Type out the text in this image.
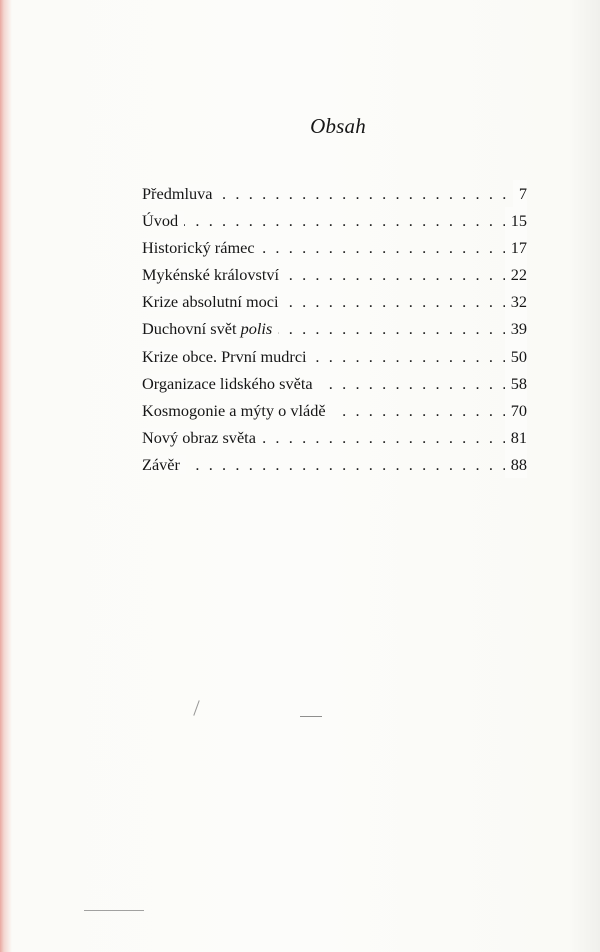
Obsah
Předmluva	7
. . .
Úvod	15
. . .
Historický rámec	17
. . .
Mykénské království	22
. . .
Krize absolutní moci	32
. . .
Duchovní svět polis	39
. . .
Krize obce. První mudrci	50
. . .
Organizace lidského světa	58
. . .
Kosmogonie a mýty o vládě	70
. . .
Nový obraz světa	81
. . .
Závěr	88
. . .
